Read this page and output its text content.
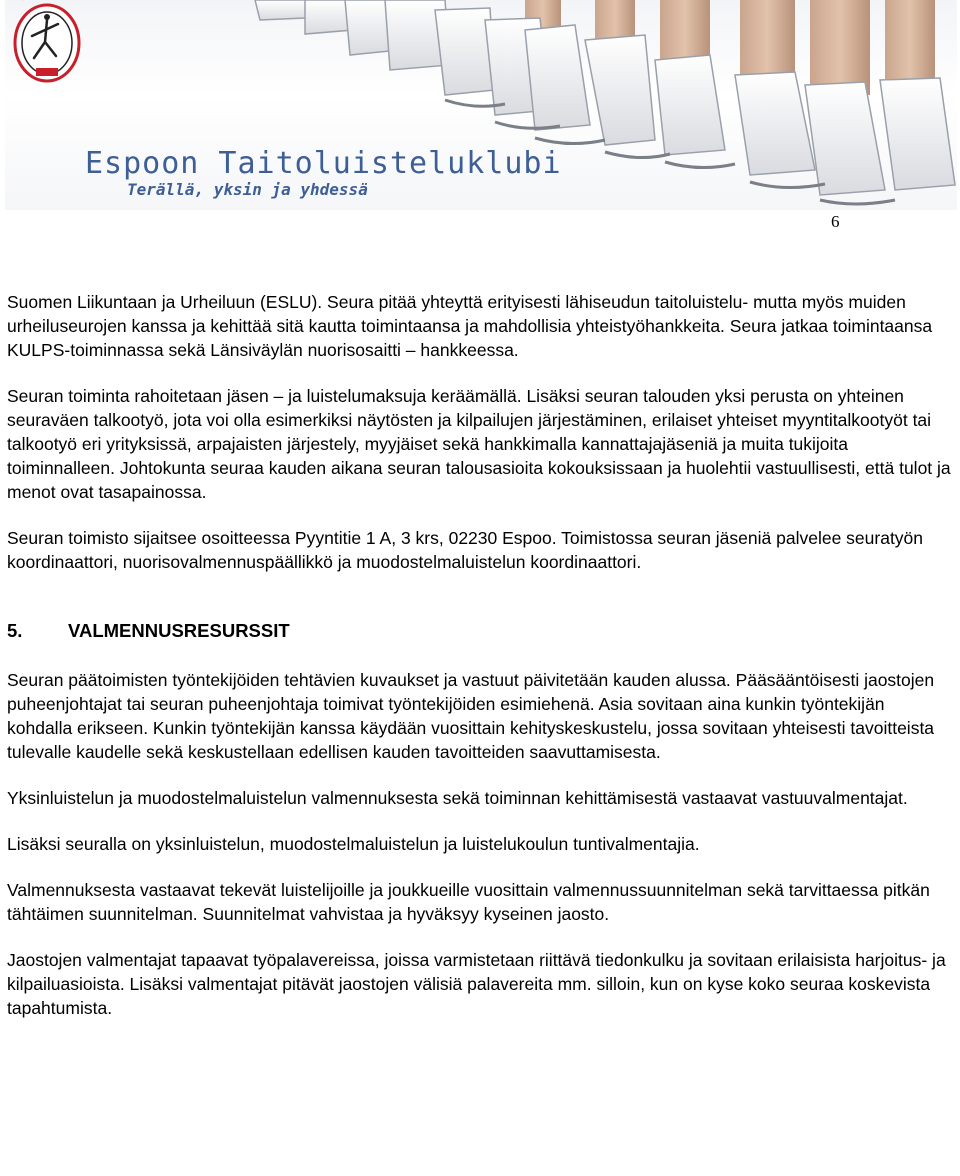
Espoon Taitoluisteluklubi
Terällä, yksin ja yhdessä
6

Suomen Liikuntaan ja Urheiluun (ESLU). Seura pitää yhteyttä erityisesti lähiseudun taitoluistelu- mutta myös muiden urheiluseurojen kanssa ja kehittää sitä kautta toimintaansa ja mahdollisia yhteistyöhankkeita. Seura jatkaa toimintaansa KULPS-toiminnassa sekä Länsiväylän nuorisosaitti – hankkeessa.

Seuran toiminta rahoitetaan jäsen – ja luistelumaksuja keräämällä. Lisäksi seuran talouden yksi perusta on yhteinen seuraväen talkootyö, jota voi olla esimerkiksi näytösten ja kilpailujen järjestäminen, erilaiset yhteiset myyntitalkootyöt tai talkootyö eri yrityksissä, arpajaisten järjestely, myyjäiset sekä hankkimalla kannattajajäseniä ja muita tukijoita toiminnalleen. Johtokunta seuraa kauden aikana seuran talousasioita kokouksissaan ja huolehtii vastuullisesti, että tulot ja menot ovat tasapainossa.

Seuran toimisto sijaitsee osoitteessa Pyyntitie 1 A, 3 krs, 02230 Espoo. Toimistossa seuran jäseniä palvelee seuratyön koordinaattori, nuorisovalmennuspäällikkö ja muodostelmaluistelun koordinaattori.

5. VALMENNUSRESURSSIT

Seuran päätoimisten työntekijöiden tehtävien kuvaukset ja vastuut päivitetään kauden alussa. Pääsääntöisesti jaostojen puheenjohtajat tai seuran puheenjohtaja toimivat työntekijöiden esimiehenä. Asia sovitaan aina kunkin työntekijän kohdalla erikseen. Kunkin työntekijän kanssa käydään vuosittain kehityskeskustelu, jossa sovitaan yhteisesti tavoitteista tulevalle kaudelle sekä keskustellaan edellisen kauden tavoitteiden saavuttamisesta.

Yksinluistelun ja muodostelmaluistelun valmennuksesta sekä toiminnan kehittämisestä vastaavat vastuuvalmentajat.

Lisäksi seuralla on yksinluistelun, muodostelmaluistelun ja luistelukoulun tuntivalmentajia.

Valmennuksesta vastaavat tekevät luistelijoille ja joukkueille vuosittain valmennussuunnitelman sekä tarvittaessa pitkän tähtäimen suunnitelman. Suunnitelmat vahvistaa ja hyväksyy kyseinen jaosto.

Jaostojen valmentajat tapaavat työpalavereissa, joissa varmistetaan riittävä tiedonkulku ja sovitaan erilaisista harjoitus- ja kilpailuasioista. Lisäksi valmentajat pitävät jaostojen välisiä palavereita mm. silloin, kun on kyse koko seuraa koskevista tapahtumista.
